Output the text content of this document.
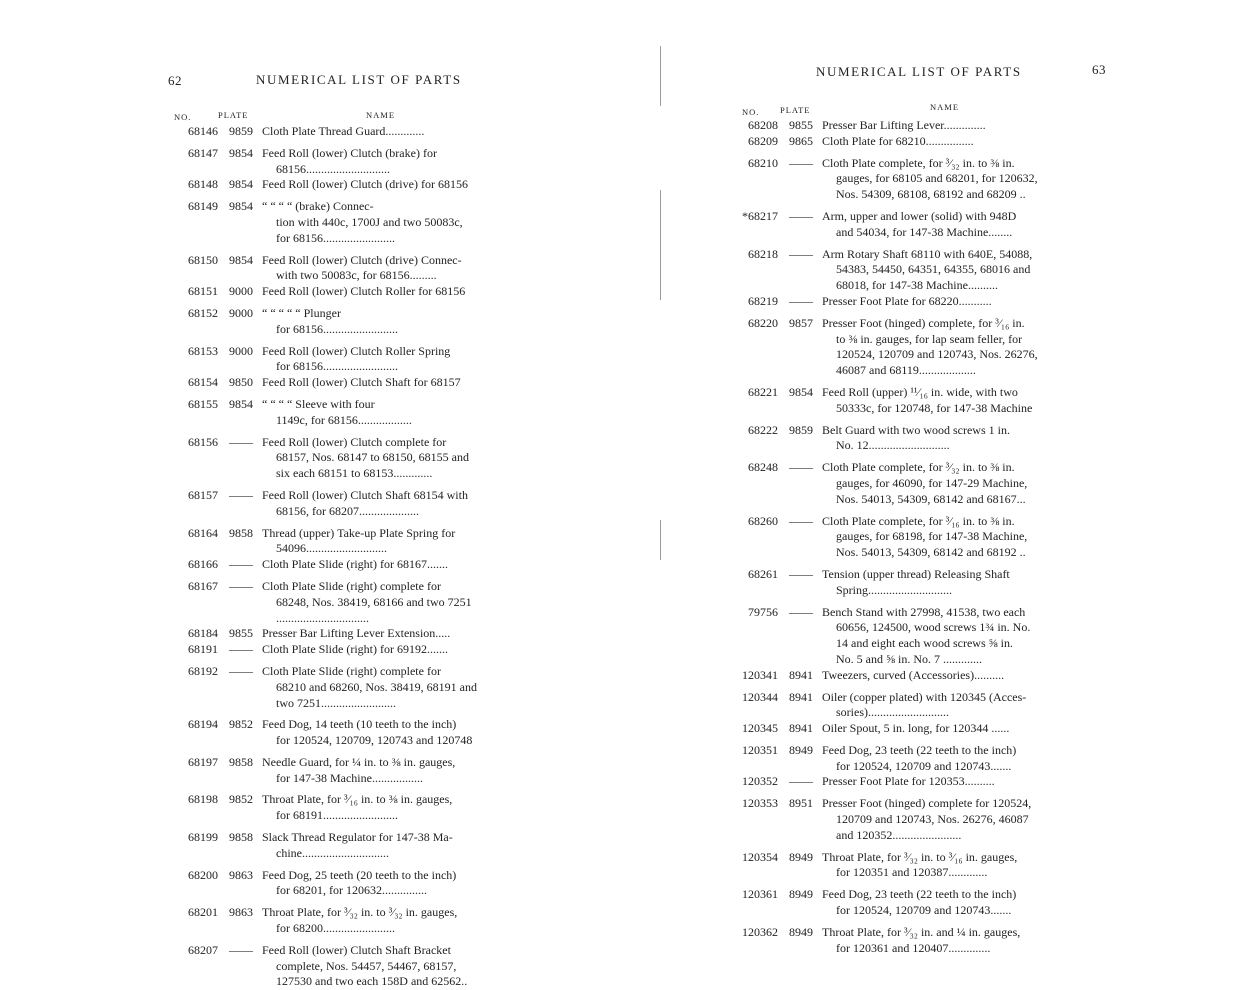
62	NUMERICAL LIST OF PARTS
NO.	PLATE	NAME
68146 9859 Cloth Plate Thread Guard.............
68147 9854 Feed Roll (lower) Clutch (brake) for
68156............................
68148 9854 Feed Roll (lower) Clutch (drive) for 68156
68149 9854 “ “ “ “ (brake) Connec-
tion with 440c, 1700J and two 50083c,
for 68156........................
68150 9854 Feed Roll (lower) Clutch (drive) Connec-
with two 50083c, for 68156.........
68151 9000 Feed Roll (lower) Clutch Roller for 68156
68152 9000 “ “ “ “ “ Plunger
for 68156.........................
68153 9000 Feed Roll (lower) Clutch Roller Spring
for 68156.........................
68154 9850 Feed Roll (lower) Clutch Shaft for 68157
68155 9854 “ “ “ “ Sleeve with four
1149c, for 68156..................
68156 —— Feed Roll (lower) Clutch complete for
68157, Nos. 68147 to 68150, 68155 and
six each 68151 to 68153.............
68157 —— Feed Roll (lower) Clutch Shaft 68154 with
68156, for 68207....................
68164 9858 Thread (upper) Take-up Plate Spring for
54096...........................
68166 —— Cloth Plate Slide (right) for 68167.......
68167 —— Cloth Plate Slide (right) complete for
68248, Nos. 38419, 68166 and two 7251
...............................
68184 9855 Presser Bar Lifting Lever Extension.....
68191 —— Cloth Plate Slide (right) for 69192.......
68192 —— Cloth Plate Slide (right) complete for
68210 and 68260, Nos. 38419, 68191 and
two 7251.........................
68194 9852 Feed Dog, 14 teeth (10 teeth to the inch)
for 120524, 120709, 120743 and 120748
68197 9858 Needle Guard, for ¼ in. to ⅜ in. gauges,
for 147-38 Machine.................
68198 9852 Throat Plate, for ³⁄₁₆ in. to ⅜ in. gauges,
for 68191.........................
68199 9858 Slack Thread Regulator for 147-38 Ma-
chine.............................
68200 9863 Feed Dog, 25 teeth (20 teeth to the inch)
for 68201, for 120632...............
68201 9863 Throat Plate, for ³⁄₃₂ in. to ³⁄₃₂ in. gauges,
for 68200........................
68207 —— Feed Roll (lower) Clutch Shaft Bracket
complete, Nos. 54457, 54467, 68157,
127530 and two each 158D and 62562..
NUMERICAL LIST OF PARTS	63
NO. PLATE	NAME
68208 9855 Presser Bar Lifting Lever..............
68209 9865 Cloth Plate for 68210................
68210 —— Cloth Plate complete, for ³⁄₃₂ in. to ⅜ in.
gauges, for 68105 and 68201, for 120632,
Nos. 54309, 68108, 68192 and 68209 ..
*68217 —— Arm, upper and lower (solid) with 948D
and 54034, for 147-38 Machine........
68218 —— Arm Rotary Shaft 68110 with 640E, 54088,
54383, 54450, 64351, 64355, 68016 and
68018, for 147-38 Machine..........
68219 —— Presser Foot Plate for 68220...........
68220 9857 Presser Foot (hinged) complete, for ³⁄₁₆ in.
to ⅜ in. gauges, for lap seam feller, for
120524, 120709 and 120743, Nos. 26276,
46087 and 68119...................
68221 9854 Feed Roll (upper) ¹¹⁄₁₆ in. wide, with two
50333c, for 120748, for 147-38 Machine
68222 9859 Belt Guard with two wood screws 1 in.
No. 12...........................
68248 —— Cloth Plate complete, for ³⁄₃₂ in. to ⅜ in.
gauges, for 46090, for 147-29 Machine,
Nos. 54013, 54309, 68142 and 68167...
68260 —— Cloth Plate complete, for ³⁄₁₆ in. to ⅜ in.
gauges, for 68198, for 147-38 Machine,
Nos. 54013, 54309, 68142 and 68192 ..
68261 —— Tension (upper thread) Releasing Shaft
Spring............................
79756 —— Bench Stand with 27998, 41538, two each
60656, 124500, wood screws 1¾ in. No.
14 and eight each wood screws ⅝ in.
No. 5 and ⅝ in. No. 7 .............
120341 8941 Tweezers, curved (Accessories)..........
120344 8941 Oiler (copper plated) with 120345 (Acces-
sories)...........................
120345 8941 Oiler Spout, 5 in. long, for 120344 ......
120351 8949 Feed Dog, 23 teeth (22 teeth to the inch)
for 120524, 120709 and 120743.......
120352 —— Presser Foot Plate for 120353..........
120353 8951 Presser Foot (hinged) complete for 120524,
120709 and 120743, Nos. 26276, 46087
and 120352.......................
120354 8949 Throat Plate, for ³⁄₃₂ in. to ³⁄₁₆ in. gauges,
for 120351 and 120387.............
120361 8949 Feed Dog, 23 teeth (22 teeth to the inch)
for 120524, 120709 and 120743.......
120362 8949 Throat Plate, for ³⁄₃₂ in. and ¼ in. gauges,
for 120361 and 120407..............
